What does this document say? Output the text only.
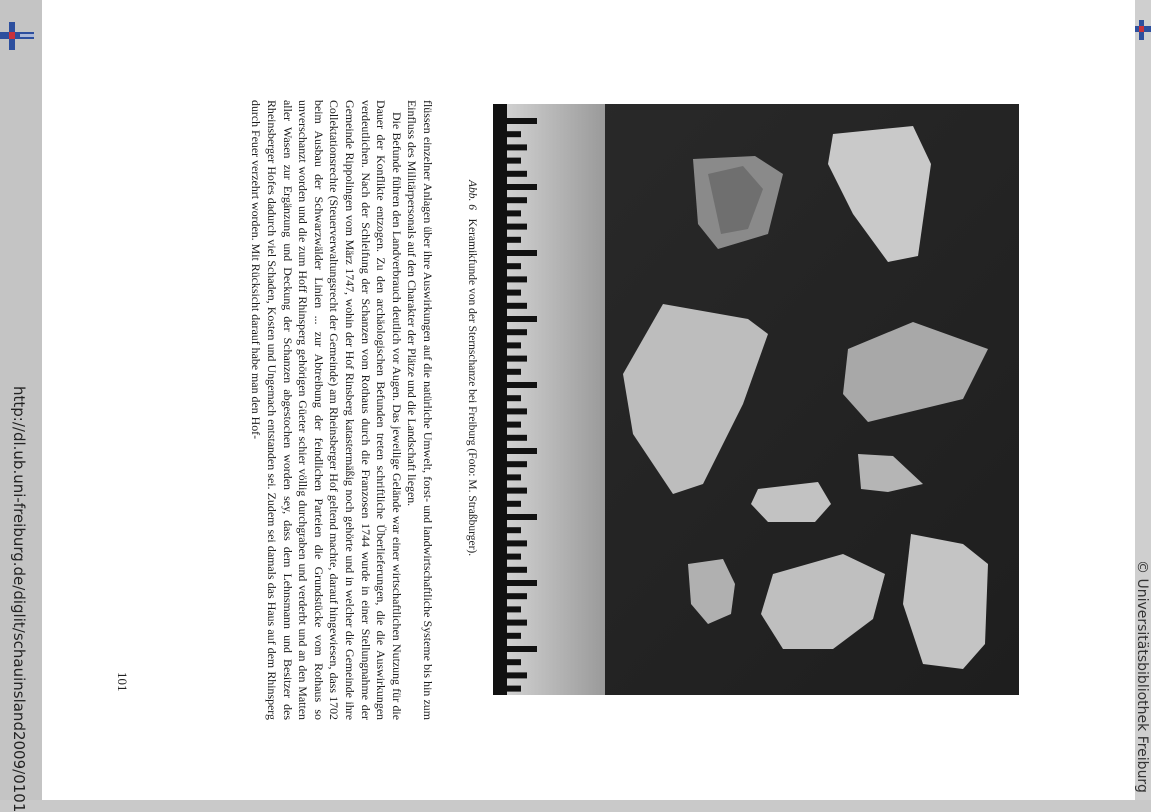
http://dl.ub.uni-freiburg.de/diglit/schauinsland2009/0101	© Universitätsbibliothek Freiburg
Abb. 6   Keramikfunde von der Sternschanze bei Freiburg (Foto: M. Straßburger).

flüssen einzelner Anlagen über ihre Auswirkungen auf die natürliche Umwelt, forst- und landwirtschaftliche Systeme bis hin zum Einfluss des Militärpersonals auf den Charakter der Plätze und die Landschaft liegen.

Die Befunde führen den Landverbrauch deutlich vor Augen. Das jeweilige Gelände war einer wirtschaftlichen Nutzung für die Dauer der Konflikte entzogen. Zu den archäologischen Befunden treten schriftliche Überlieferungen, die die Auswirkungen verdeutlichen. Nach der Schleifung der Schanzen vom Rothaus durch die Franzosen 1744 wurde in einer Stellungnahme der Gemeinde Rippolingen vom März 1747, wohin der Hof Rinsberg katastermäßig noch gehörte und in welcher die Gemeinde ihre Collektationsrechte (Steuerverwaltungsrecht der Gemeinde) am Rheinsberger Hof geltend machte, darauf hingewiesen, dass 1702 beim Ausbau der Schwarzwälder Linien ... zur Abtreibung der feindlichen Parteien die Grundstücke vom Rothaus so unverschanzt worden und die zum Hoff Rhinsperg gehörigen Güeter schier völlig durchgraben und verderbt und an den Matten aller Wasen zur Ergänzung und Deckung der Schanzen abgestochen worden sey, dass dem Lehnsmann und Besitzer des Rheinsberger Hofes dadurch viel Schaden, Kosten und Ungemach entstanden sei. Zudem sei damals das Haus auf dem Rhinsperg durch Feuer verzehrt worden. Mit Rücksicht darauf habe man den Hof-

101
